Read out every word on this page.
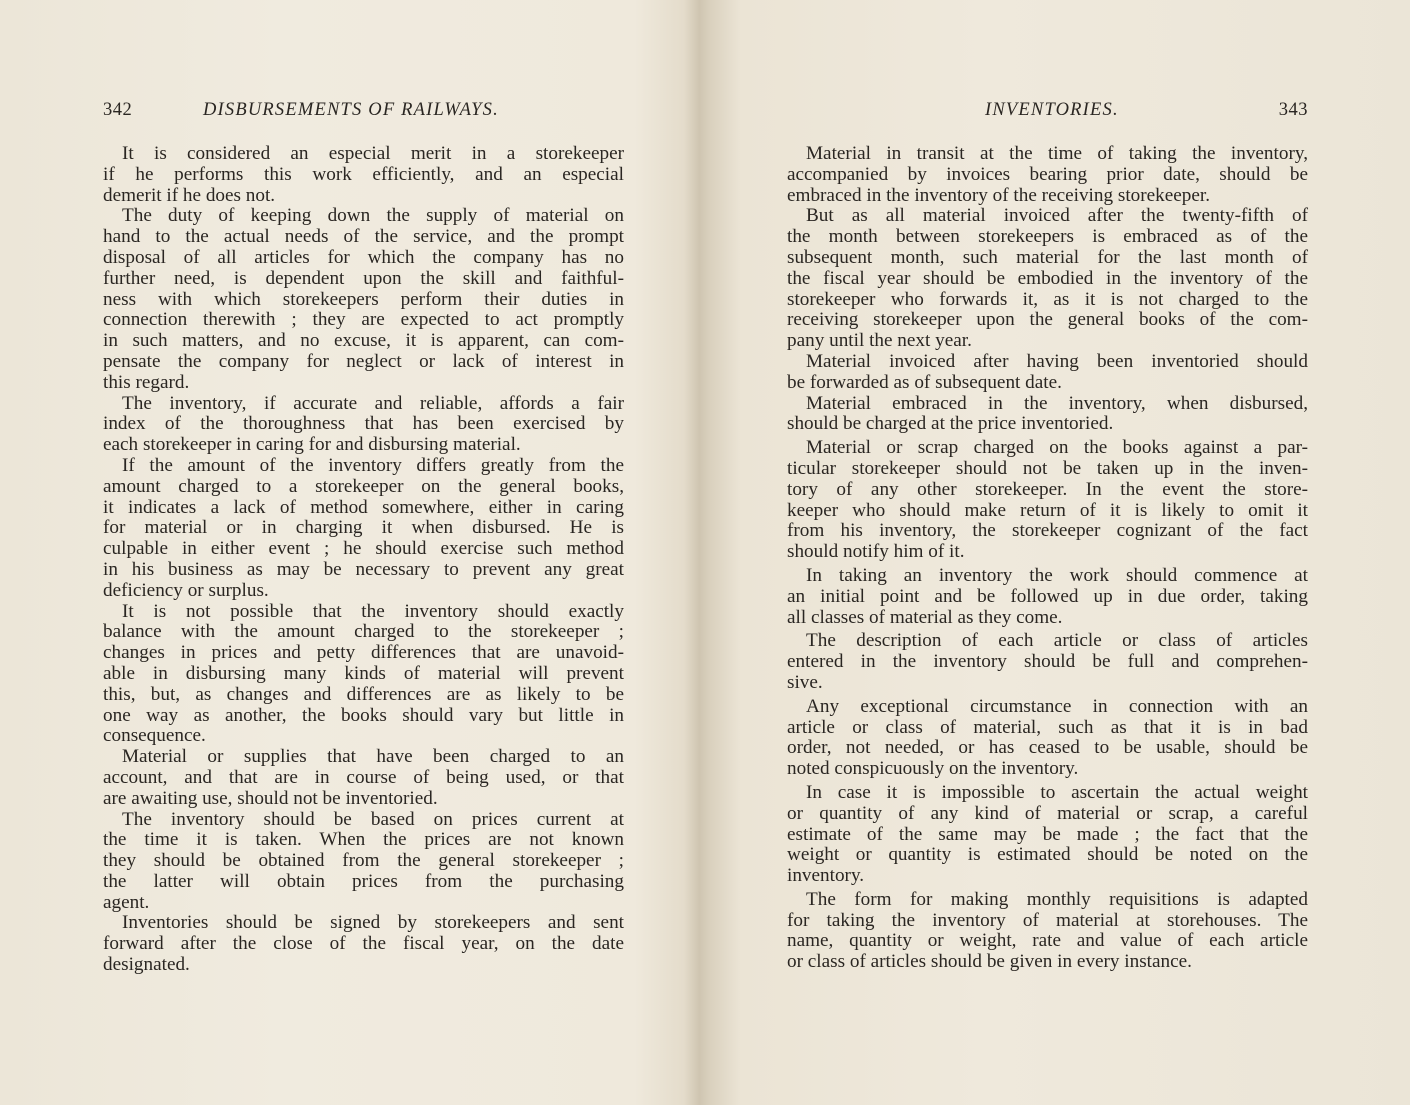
342	DISBURSEMENTS OF RAILWAYS.
It is considered an especial merit in a storekeeper
if he performs this work efficiently, and an especial
demerit if he does not.
The duty of keeping down the supply of material on
hand to the actual needs of the service, and the prompt
disposal of all articles for which the company has no
further need, is dependent upon the skill and faithful-
ness with which storekeepers perform their duties in
connection therewith ; they are expected to act promptly
in such matters, and no excuse, it is apparent, can com-
pensate the company for neglect or lack of interest in
this regard.
The inventory, if accurate and reliable, affords a fair
index of the thoroughness that has been exercised by
each storekeeper in caring for and disbursing material.
If the amount of the inventory differs greatly from the
amount charged to a storekeeper on the general books,
it indicates a lack of method somewhere, either in caring
for material or in charging it when disbursed. He is
culpable in either event ; he should exercise such method
in his business as may be necessary to prevent any great
deficiency or surplus.
It is not possible that the inventory should exactly
balance with the amount charged to the storekeeper ;
changes in prices and petty differences that are unavoid-
able in disbursing many kinds of material will prevent
this, but, as changes and differences are as likely to be
one way as another, the books should vary but little in
consequence.
Material or supplies that have been charged to an
account, and that are in course of being used, or that
are awaiting use, should not be inventoried.
The inventory should be based on prices current at
the time it is taken. When the prices are not known
they should be obtained from the general storekeeper ;
the latter will obtain prices from the purchasing
agent.
Inventories should be signed by storekeepers and sent
forward after the close of the fiscal year, on the date
designated.
INVENTORIES.	343
Material in transit at the time of taking the inventory,
accompanied by invoices bearing prior date, should be
embraced in the inventory of the receiving storekeeper.
But as all material invoiced after the twenty-fifth of
the month between storekeepers is embraced as of the
subsequent month, such material for the last month of
the fiscal year should be embodied in the inventory of the
storekeeper who forwards it, as it is not charged to the
receiving storekeeper upon the general books of the com-
pany until the next year.
Material invoiced after having been inventoried should
be forwarded as of subsequent date.
Material embraced in the inventory, when disbursed,
should be charged at the price inventoried.
Material or scrap charged on the books against a par-
ticular storekeeper should not be taken up in the inven-
tory of any other storekeeper. In the event the store-
keeper who should make return of it is likely to omit it
from his inventory, the storekeeper cognizant of the fact
should notify him of it.
In taking an inventory the work should commence at
an initial point and be followed up in due order, taking
all classes of material as they come.
The description of each article or class of articles
entered in the inventory should be full and comprehen-
sive.
Any exceptional circumstance in connection with an
article or class of material, such as that it is in bad
order, not needed, or has ceased to be usable, should be
noted conspicuously on the inventory.
In case it is impossible to ascertain the actual weight
or quantity of any kind of material or scrap, a careful
estimate of the same may be made ; the fact that the
weight or quantity is estimated should be noted on the
inventory.
The form for making monthly requisitions is adapted
for taking the inventory of material at storehouses. The
name, quantity or weight, rate and value of each article
or class of articles should be given in every instance.
